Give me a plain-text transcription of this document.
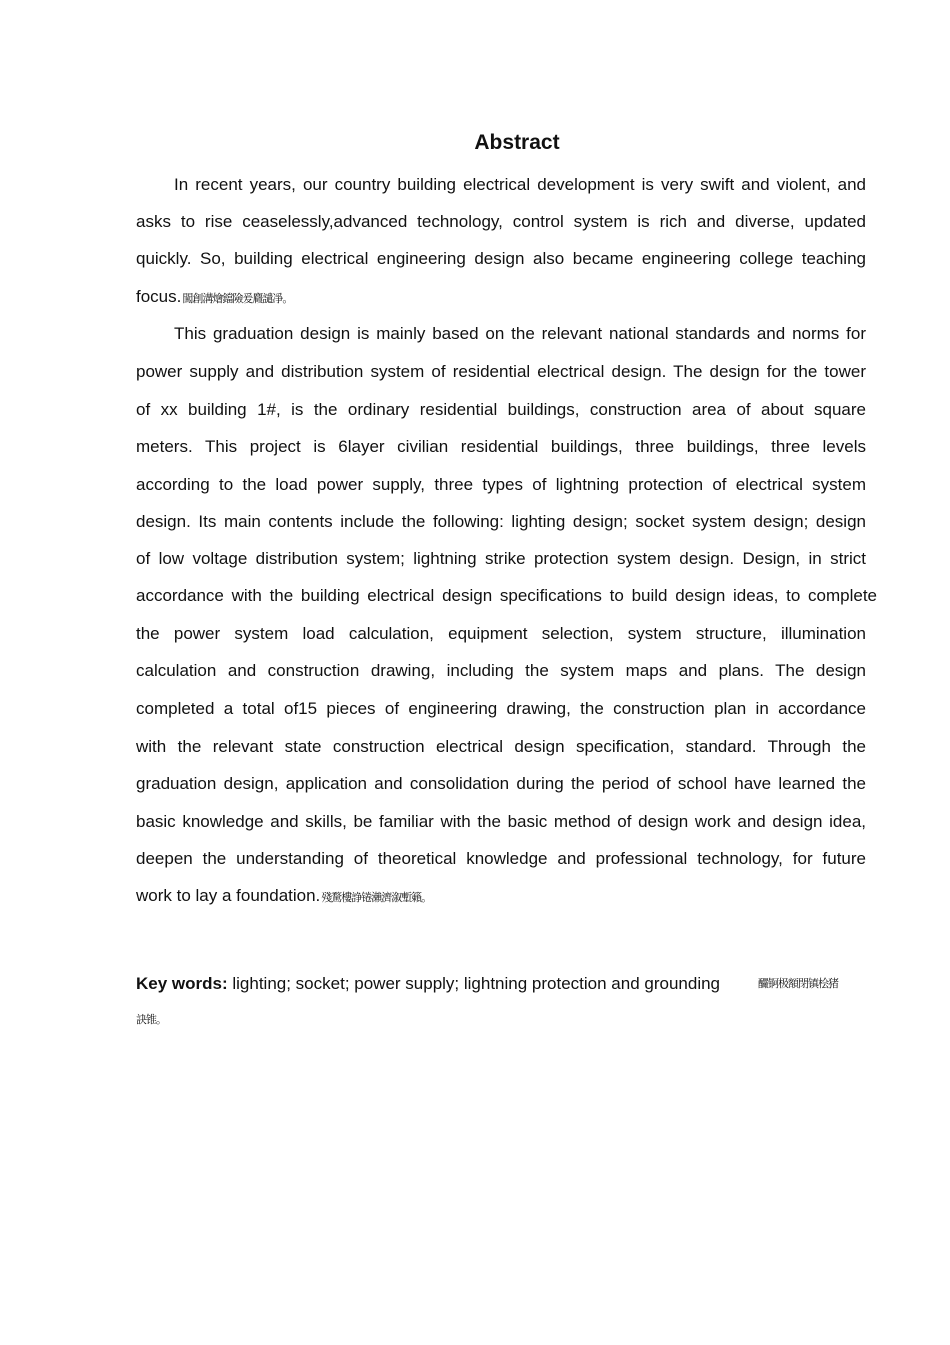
Abstract
In recent years, our country building electrical development is very swift and violent, and
asks to rise ceaselessly,advanced technology, control system is rich and diverse, updated
quickly. So, building electrical engineering design also became engineering college teaching
focus.闖創溝燴鐺險爰麚譴凈。
This graduation design is mainly based on the relevant national standards and norms for
power supply and distribution system of residential electrical design. The design for the tower
of xx building 1#, is the ordinary residential buildings, construction area of about square
meters. This project is 6layer civilian residential buildings, three buildings, three levels
according to the load power supply, three types of lightning protection of electrical system
design. Its main contents include the following: lighting design; socket system design; design
of low voltage distribution system; lightning strike protection system design. Design, in strict
accordance with the building electrical design specifications to build design ideas, to complete
the power system load calculation, equipment selection, system structure, illumination
calculation and construction drawing, including the system maps and plans. The design
completed a total of15 pieces of engineering drawing, the construction plan in accordance
with the relevant state construction electrical design specification, standard. Through the
graduation design, application and consolidation during the period of school have learned the
basic knowledge and skills, be familiar with the basic method of design work and design idea,
deepen the understanding of theoretical knowledge and professional technology, for future
work to lay a foundation.殘騖樓諍锩瀨濟溆塹籟。
Key words: lighting; socket; power supply; lightning protection and grounding	釅锕极額閉镇桧猪
訣锥。
